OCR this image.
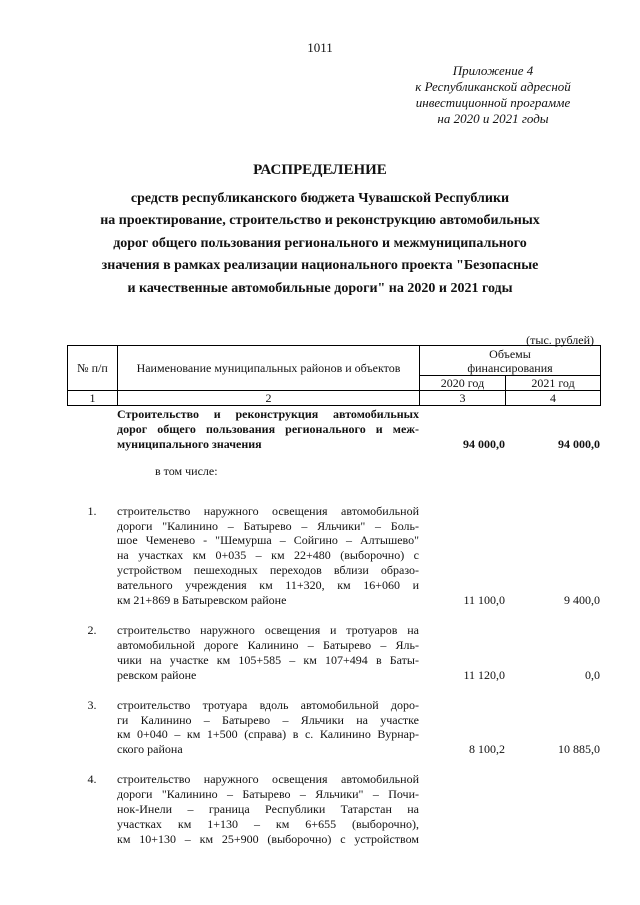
1011
Приложение 4
к Республиканской адресной
инвестиционной программе
на 2020 и 2021 годы
РАСПРЕДЕЛЕНИЕ
средств республиканского бюджета Чувашской Республики
на проектирование, строительство и реконструкцию автомобильных
дорог общего пользования регионального и межмуниципального
значения в рамках реализации национального проекта "Безопасные
и качественные автомобильные дороги" на 2020 и 2021 годы
(тыс. рублей)
№ п/п	Наименование муниципальных районов и объектов	Объемы финансирования	
		2020 год	2021 год
1	2	3	4
Строительство и реконструкция автомобильных
дорог общего пользования регионального и меж-
муниципального значения	94 000,0	94 000,0
в том числе:
1.	строительство наружного освещения автомобильной
дороги "Калинино – Батырево – Яльчики" – Боль-
шое Чеменево - "Шемурша – Сойгино – Алтышево"
на участках км 0+035 – км 22+480 (выборочно) с
устройством пешеходных переходов вблизи образо-
вательного учреждения км 11+320, км 16+060 и
км 21+869 в Батыревском районе	11 100,0	9 400,0
2.	строительство наружного освещения и тротуаров на
автомобильной дороге Калинино – Батырево – Яль-
чики на участке км 105+585 – км 107+494 в Баты-
ревском районе	11 120,0	0,0
3.	строительство тротуара вдоль автомобильной доро-
ги Калинино – Батырево – Яльчики на участке
км 0+040 – км 1+500 (справа) в с. Калинино Вурнар-
ского района	8 100,2	10 885,0
4.	строительство наружного освещения автомобильной
дороги "Калинино – Батырево – Яльчики" – Почи-
нок-Инели – граница Республики Татарстан на
участках км 1+130 – км 6+655 (выборочно),
км 10+130 – км 25+900 (выборочно) с устройством
